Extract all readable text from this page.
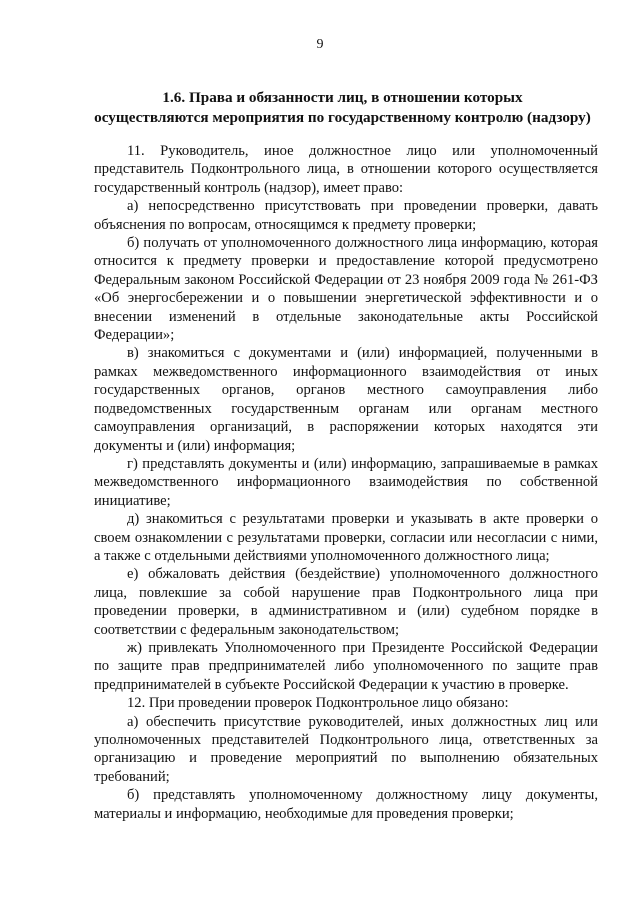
9
1.6. Права и обязанности лиц, в отношении которых
осуществляются мероприятия по государственному контролю (надзору)

11. Руководитель, иное должностное лицо или уполномоченный представитель Подконтрольного лица, в отношении которого осуществляется государственный контроль (надзор), имеет право:

а) непосредственно присутствовать при проведении проверки, давать объяснения по вопросам, относящимся к предмету проверки;

б) получать от уполномоченного должностного лица информацию, которая относится к предмету проверки и предоставление которой предусмотрено Федеральным законом Российской Федерации от 23 ноября 2009 года № 261-ФЗ «Об энергосбережении и о повышении энергетической эффективности и о внесении изменений в отдельные законодательные акты Российской Федерации»;

в) знакомиться с документами и (или) информацией, полученными в рамках межведомственного информационного взаимодействия от иных государственных органов, органов местного самоуправления либо подведомственных государственным органам или органам местного самоуправления организаций, в распоряжении которых находятся эти документы и (или) информация;

г) представлять документы и (или) информацию, запрашиваемые в рамках межведомственного информационного взаимодействия по собственной инициативе;

д) знакомиться с результатами проверки и указывать в акте проверки о своем ознакомлении с результатами проверки, согласии или несогласии с ними, а также с отдельными действиями уполномоченного должностного лица;

е) обжаловать действия (бездействие) уполномоченного должностного лица, повлекшие за собой нарушение прав Подконтрольного лица при проведении проверки, в административном и (или) судебном порядке в соответствии с федеральным законодательством;

ж) привлекать Уполномоченного при Президенте Российской Федерации по защите прав предпринимателей либо уполномоченного по защите прав предпринимателей в субъекте Российской Федерации к участию в проверке.

12. При проведении проверок Подконтрольное лицо обязано:

а) обеспечить присутствие руководителей, иных должностных лиц или уполномоченных представителей Подконтрольного лица, ответственных за организацию и проведение мероприятий по выполнению обязательных требований;

б) представлять уполномоченному должностному лицу документы, материалы и информацию, необходимые для проведения проверки;
